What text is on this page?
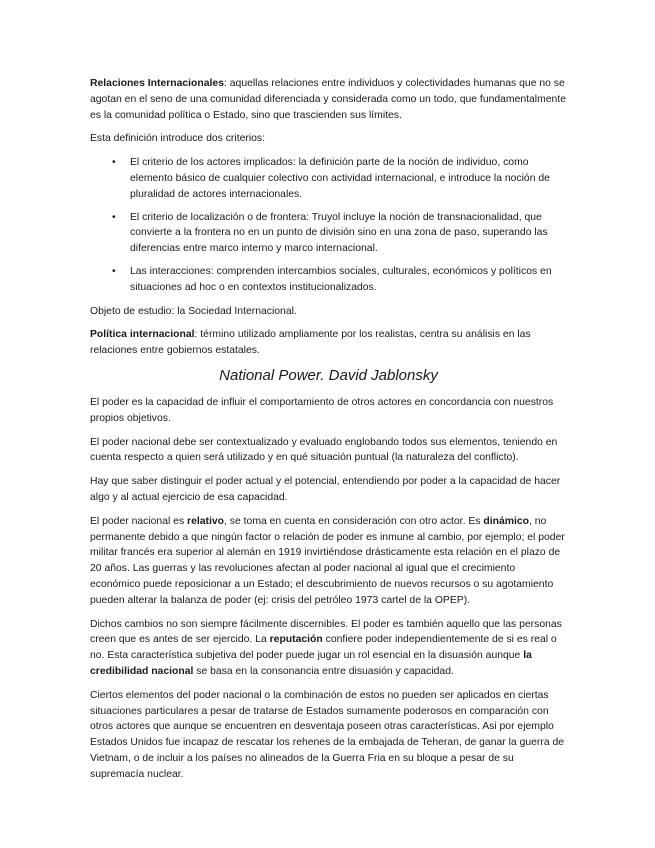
Relaciones Internacionales: aquellas relaciones entre individuos y colectividades humanas que no se agotan en el seno de una comunidad diferenciada y considerada como un todo, que fundamentalmente es la comunidad política o Estado, sino que trascienden sus límites.

Esta definición introduce dos criterios:

• El criterio de los actores implicados: la definición parte de la noción de individuo, como elemento básico de cualquier colectivo con actividad internacional, e introduce la noción de pluralidad de actores internacionales.
• El criterio de localización o de frontera: Truyol incluye la noción de transnacionalidad, que convierte a la frontera no en un punto de división sino en una zona de paso, superando las diferencias entre marco interno y marco internacional.
• Las interacciones: comprenden intercambios sociales, culturales, económicos y políticos en situaciones ad hoc o en contextos institucionalizados.

Objeto de estudio: la Sociedad Internacional.

Política internacional: término utilizado ampliamente por los realistas, centra su análisis en las relaciones entre gobiernos estatales.

National Power. David Jablonsky

El poder es la capacidad de influir el comportamiento de otros actores en concordancia con nuestros propios objetivos.

El poder nacional debe ser contextualizado y evaluado englobando todos sus elementos, teniendo en cuenta respecto a quien será utilizado y en qué situación puntual (la naturaleza del conflicto).

Hay que saber distinguir el poder actual y el potencial, entendiendo por poder a la capacidad de hacer algo y al actual ejercicio de esa capacidad.

El poder nacional es relativo, se toma en cuenta en consideración con otro actor. Es dinámico, no permanente debido a que ningún factor o relación de poder es inmune al cambio, por ejemplo; el poder militar francés era superior al alemán en 1919 invirtiéndose drásticamente esta relación en el plazo de 20 años. Las guerras y las revoluciones afectan al poder nacional al igual que el crecimiento económico puede reposicionar a un Estado; el descubrimiento de nuevos recursos o su agotamiento pueden alterar la balanza de poder (ej: crisis del petróleo 1973 cartel de la OPEP).

Dichos cambios no son siempre fácilmente discernibles. El poder es también aquello que las personas creen que es antes de ser ejercido. La reputación confiere poder independientemente de si es real o no. Esta característica subjetiva del poder puede jugar un rol esencial en la disuasión aunque la credibilidad nacional se basa en la consonancia entre disuasión y capacidad.

Ciertos elementos del poder nacional o la combinación de estos no pueden ser aplicados en ciertas situaciones particulares a pesar de tratarse de Estados sumamente poderosos en comparación con otros actores que aunque se encuentren en desventaja poseen otras características. Asi por ejemplo Estados Unidos fue incapaz de rescatar los rehenes de la embajada de Teheran, de ganar la guerra de Vietnam, o de incluir a los países no alineados de la Guerra Fria en su bloque a pesar de su supremacía nuclear.
